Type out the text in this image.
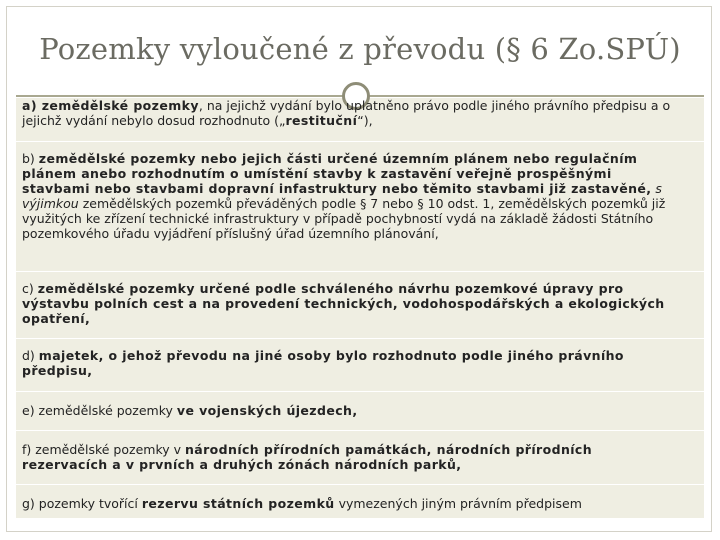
Pozemky vyloučené z převodu (§ 6 Zo.SPÚ)
a) zemědělské pozemky, na jejichž vydání bylo uplatněno právo podle jiného právního předpisu a o jejichž vydání nebylo dosud rozhodnuto („restituční“),
b) zemědělské pozemky nebo jejich části určené územním plánem nebo regulačním plánem anebo rozhodnutím o umístění stavby k zastavění veřejně prospěšnými stavbami nebo stavbami dopravní infastruktury nebo těmito stavbami již zastavěné, s výjimkou zemědělských pozemků převáděných podle § 7 nebo § 10 odst. 1, zemědělských pozemků již využitých ke zřízení technické infrastruktury v případě pochybností vydá na základě žádosti Státního pozemkového úřadu vyjádření příslušný úřad územního plánování,
c) zemědělské pozemky určené podle schváleného návrhu pozemkové úpravy pro výstavbu polních cest a na provedení technických, vodohospodářských a ekologických opatření,
d) majetek, o jehož převodu na jiné osoby bylo rozhodnuto podle jiného právního předpisu,
e) zemědělské pozemky ve vojenských újezdech,
f) zemědělské pozemky v národních přírodních památkách, národních přírodních rezervacích a v prvních a druhých zónách národních parků,
g) pozemky tvořící rezervu státních pozemků vymezených jiným právním předpisem
